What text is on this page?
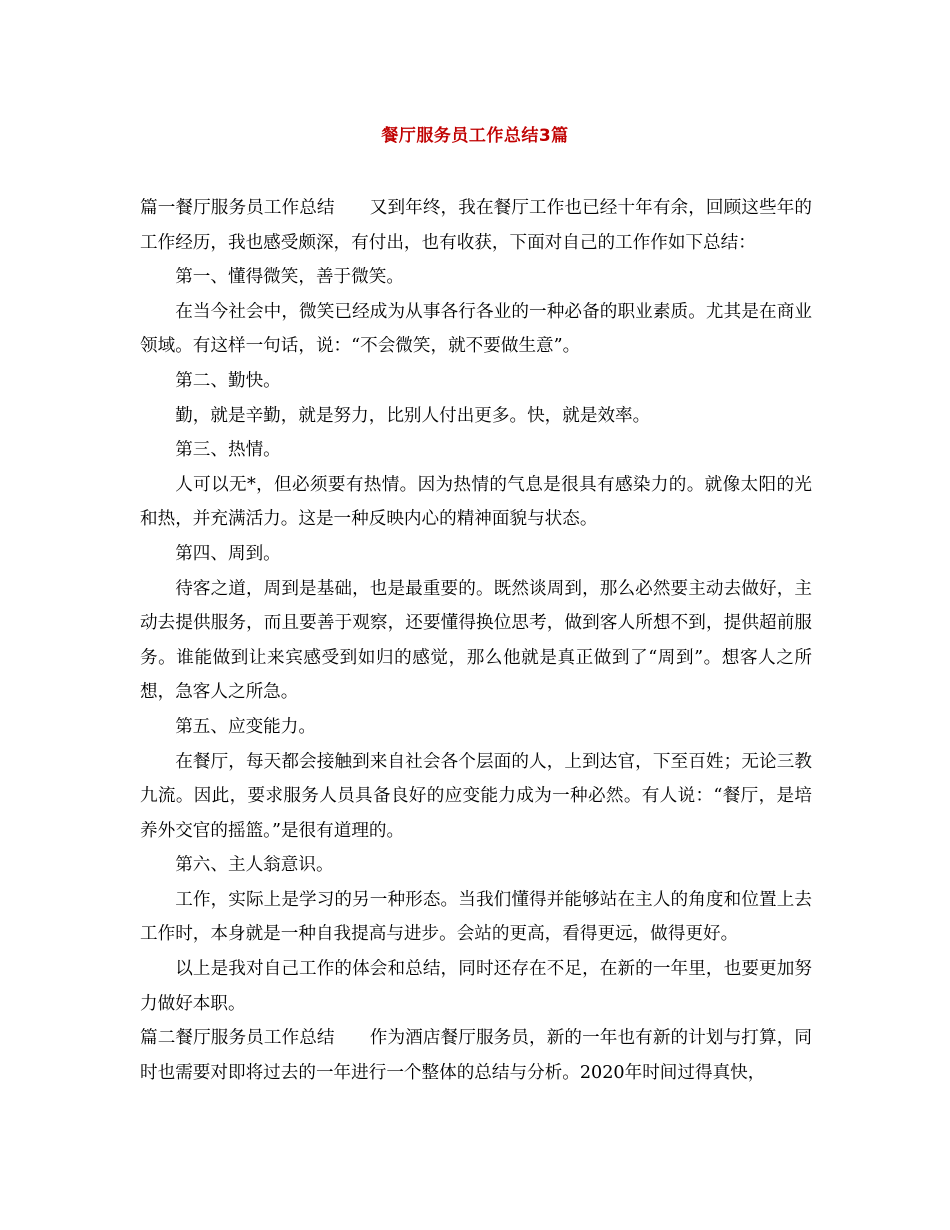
餐厅服务员工作总结3篇

篇一餐厅服务员工作总结 又到年终，我在餐厅工作也已经十年有余，回顾这些年的工作经历，我也感受颇深，有付出，也有收获，下面对自己的工作作如下总结：

第一、懂得微笑，善于微笑。

在当今社会中，微笑已经成为从事各行各业的一种必备的职业素质。尤其是在商业领域。有这样一句话，说：“不会微笑，就不要做生意”。

第二、勤快。

勤，就是辛勤，就是努力，比别人付出更多。快，就是效率。

第三、热情。

人可以无*，但必须要有热情。因为热情的气息是很具有感染力的。就像太阳的光和热，并充满活力。这是一种反映内心的精神面貌与状态。

第四、周到。

待客之道，周到是基础，也是最重要的。既然谈周到，那么必然要主动去做好，主动去提供服务，而且要善于观察，还要懂得换位思考，做到客人所想不到，提供超前服务。谁能做到让来宾感受到如归的感觉，那么他就是真正做到了“周到”。想客人之所想，急客人之所急。

第五、应变能力。

在餐厅，每天都会接触到来自社会各个层面的人，上到达官，下至百姓；无论三教九流。因此，要求服务人员具备良好的应变能力成为一种必然。有人说：“餐厅，是培养外交官的摇篮。”是很有道理的。

第六、主人翁意识。

工作，实际上是学习的另一种形态。当我们懂得并能够站在主人的角度和位置上去工作时，本身就是一种自我提高与进步。会站的更高，看得更远，做得更好。

以上是我对自己工作的体会和总结，同时还存在不足，在新的一年里，也要更加努力做好本职。

篇二餐厅服务员工作总结 作为酒店餐厅服务员，新的一年也有新的计划与打算，同时也需要对即将过去的一年进行一个整体的总结与分析。2020年时间过得真快，
